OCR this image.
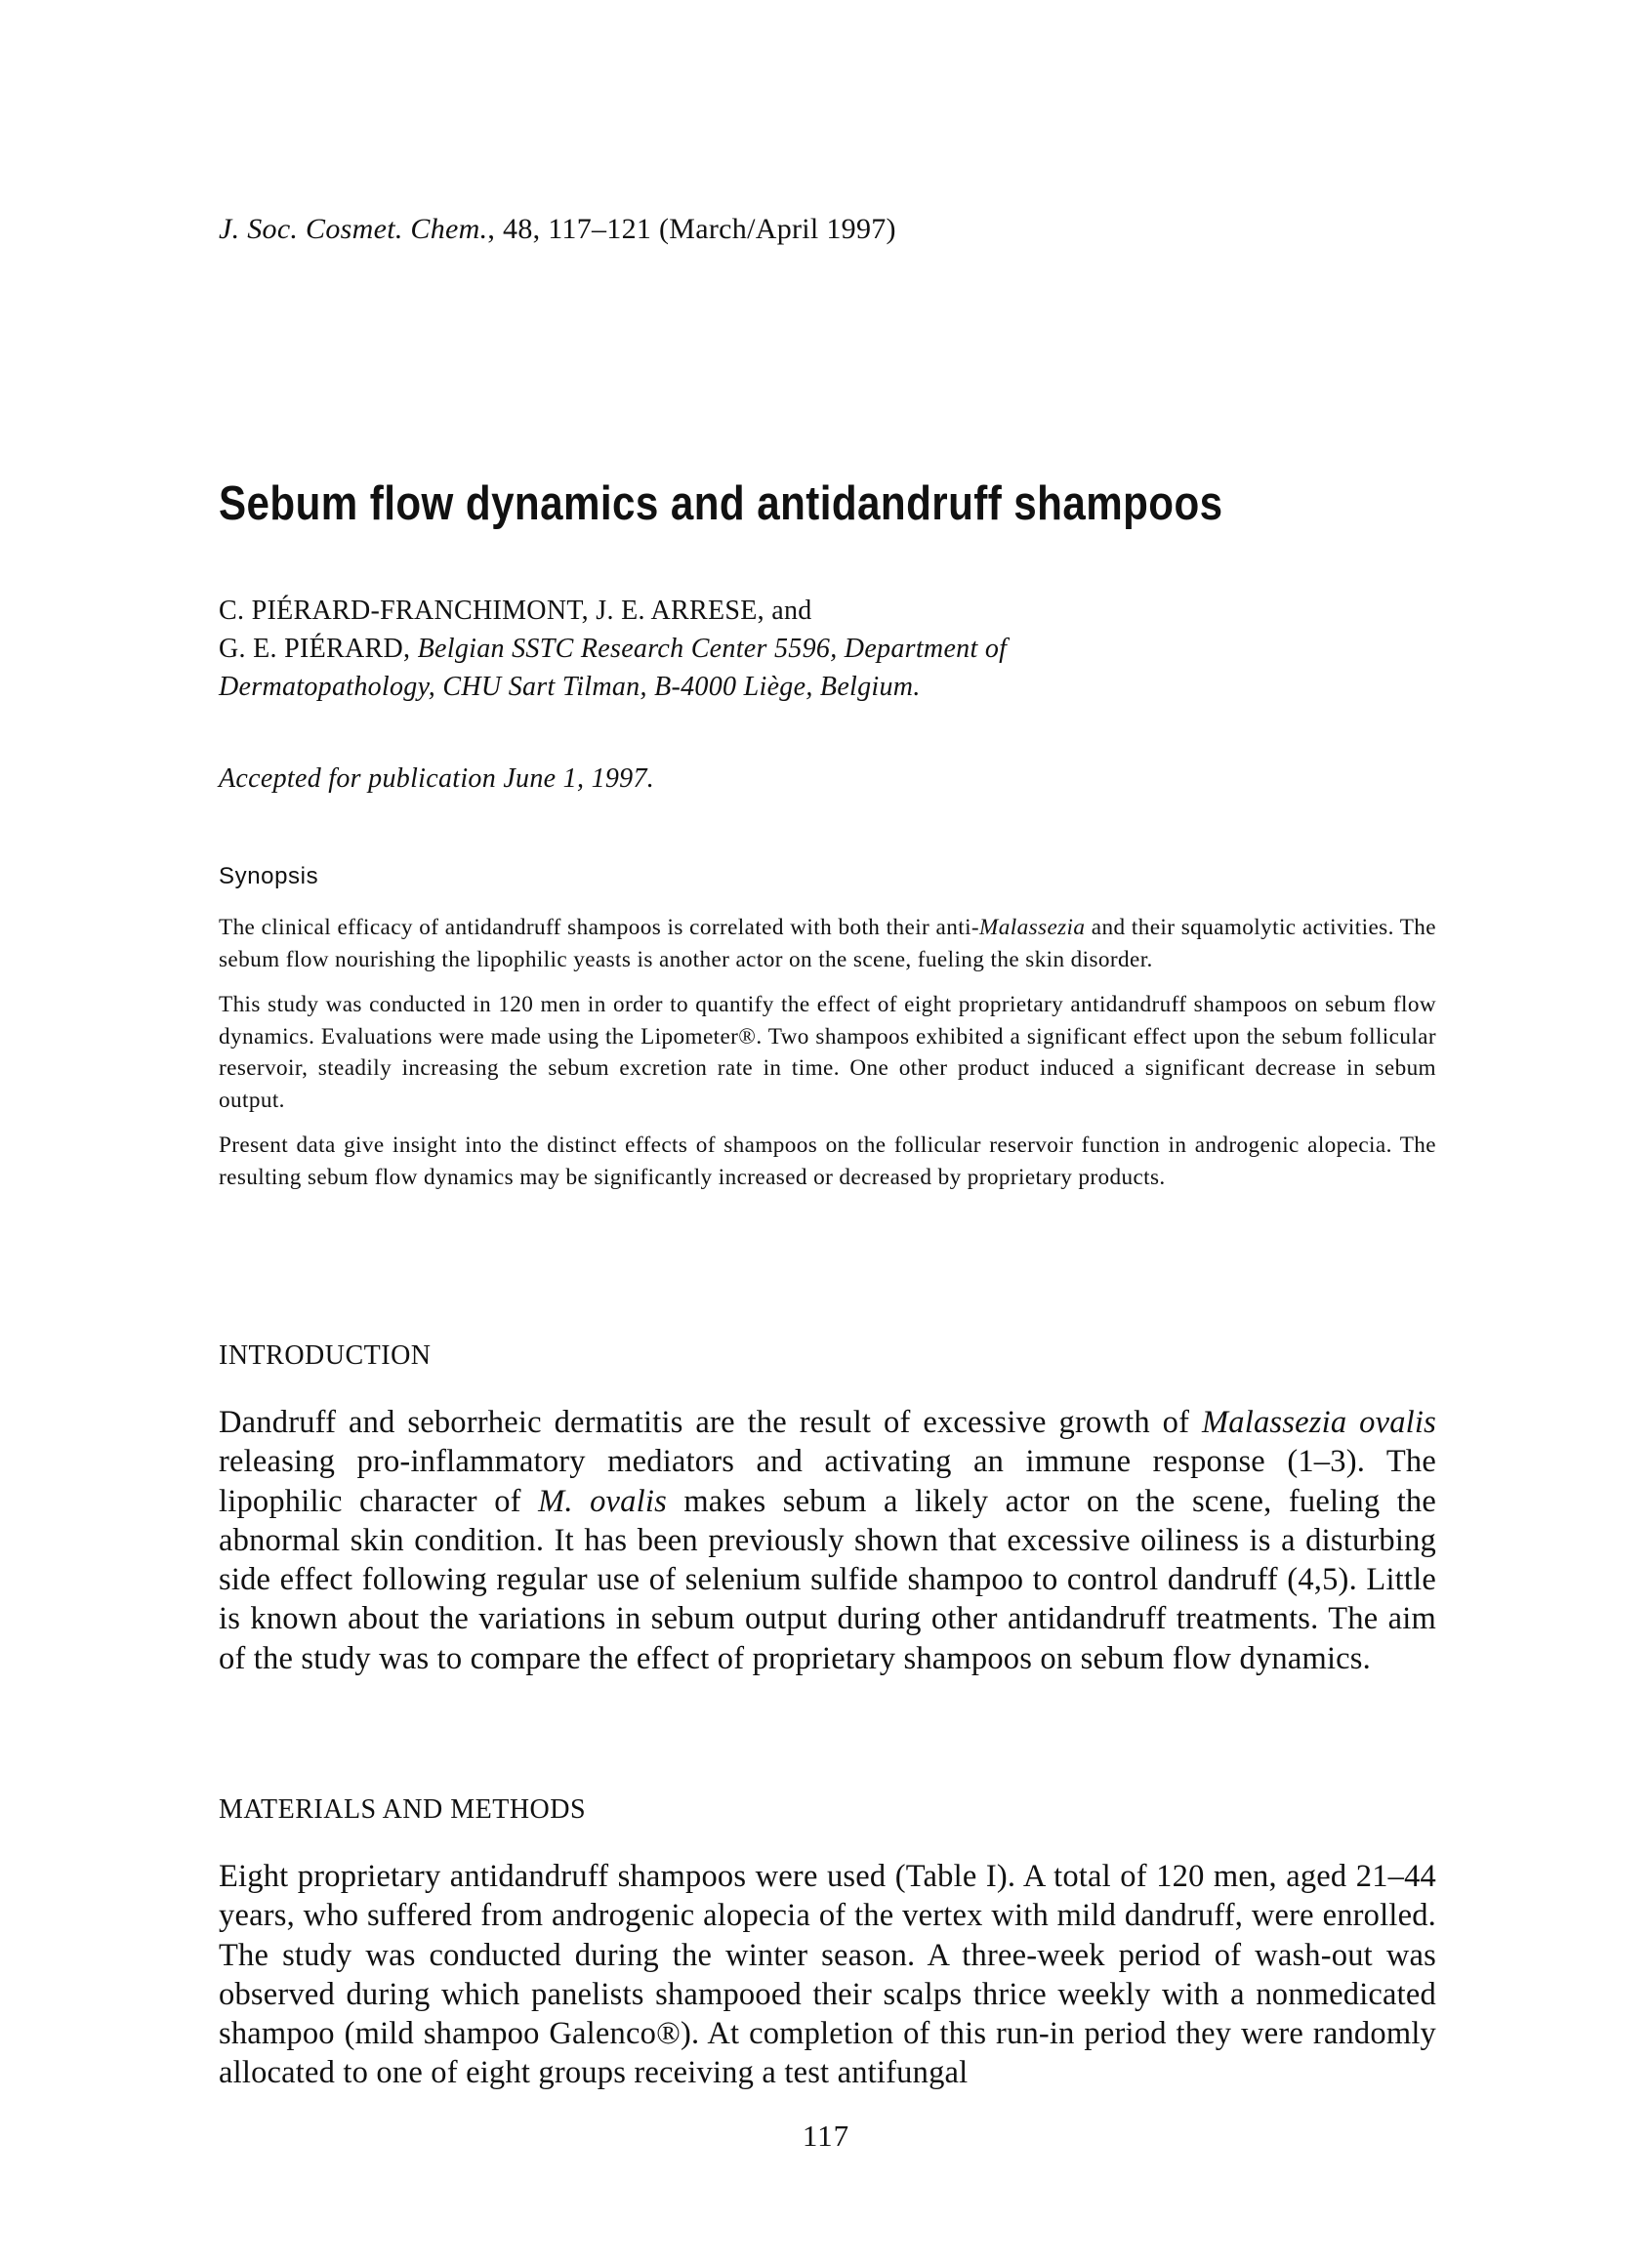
J. Soc. Cosmet. Chem., 48, 117–121 (March/April 1997)
Sebum flow dynamics and antidandruff shampoos
C. PIÉRARD-FRANCHIMONT, J. E. ARRESE, and
G. E. PIÉRARD, Belgian SSTC Research Center 5596, Department of
Dermatopathology, CHU Sart Tilman, B-4000 Liège, Belgium.
Accepted for publication June 1, 1997.
Synopsis

The clinical efficacy of antidandruff shampoos is correlated with both their anti-Malassezia and their squamolytic activities. The sebum flow nourishing the lipophilic yeasts is another actor on the scene, fueling the skin disorder.

This study was conducted in 120 men in order to quantify the effect of eight proprietary antidandruff shampoos on sebum flow dynamics. Evaluations were made using the Lipometer®. Two shampoos exhibited a significant effect upon the sebum follicular reservoir, steadily increasing the sebum excretion rate in time. One other product induced a significant decrease in sebum output.

Present data give insight into the distinct effects of shampoos on the follicular reservoir function in androgenic alopecia. The resulting sebum flow dynamics may be significantly increased or decreased by proprietary products.

INTRODUCTION

Dandruff and seborrheic dermatitis are the result of excessive growth of Malassezia ovalis releasing pro-inflammatory mediators and activating an immune response (1–3). The lipophilic character of M. ovalis makes sebum a likely actor on the scene, fueling the abnormal skin condition. It has been previously shown that excessive oiliness is a disturbing side effect following regular use of selenium sulfide shampoo to control dandruff (4,5). Little is known about the variations in sebum output during other antidandruff treatments. The aim of the study was to compare the effect of proprietary shampoos on sebum flow dynamics.

MATERIALS AND METHODS

Eight proprietary antidandruff shampoos were used (Table I). A total of 120 men, aged 21–44 years, who suffered from androgenic alopecia of the vertex with mild dandruff, were enrolled. The study was conducted during the winter season. A three-week period of wash-out was observed during which panelists shampooed their scalps thrice weekly with a nonmedicated shampoo (mild shampoo Galenco®). At completion of this run-in period they were randomly allocated to one of eight groups receiving a test antifungal

117
